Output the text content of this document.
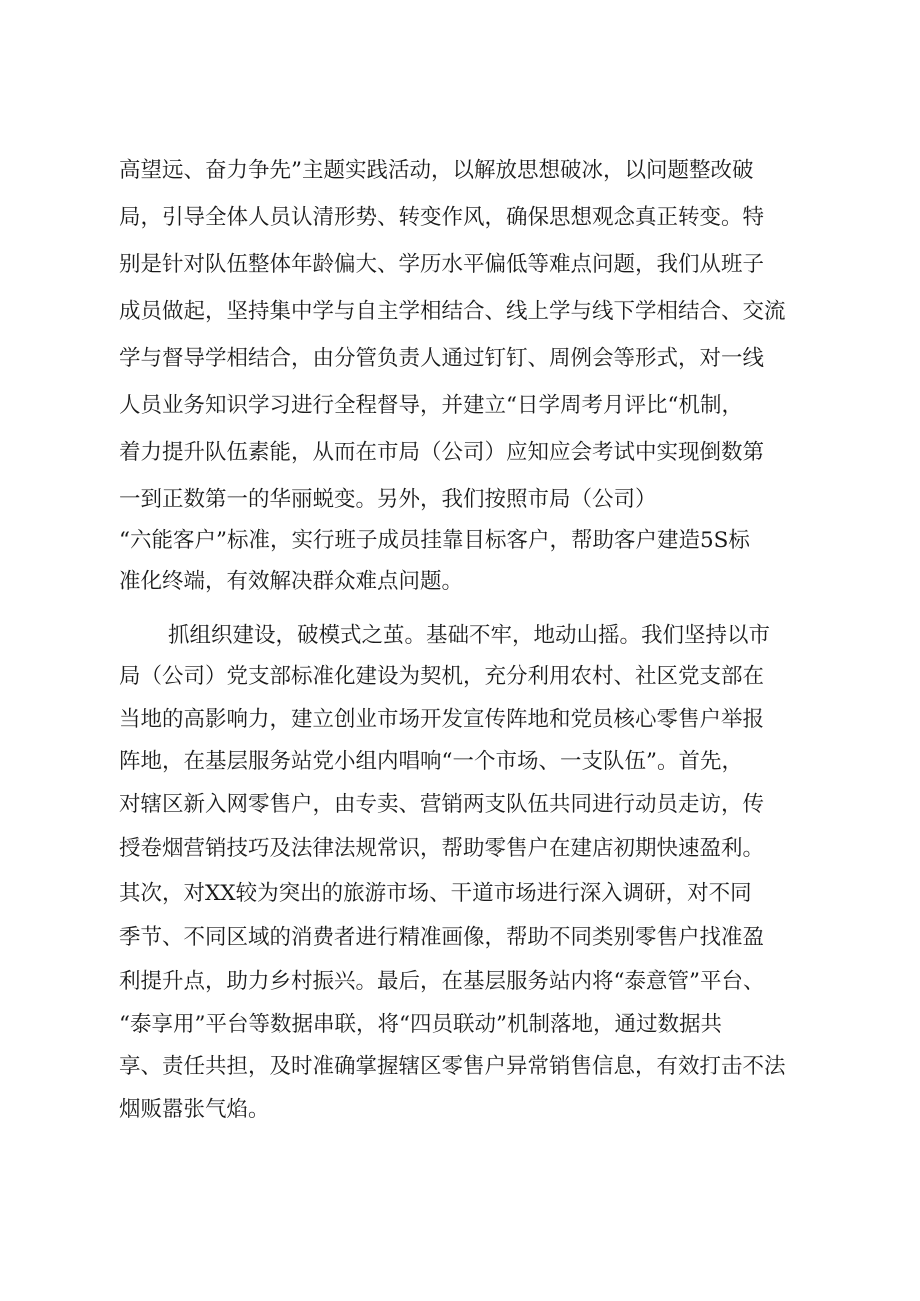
高望远、奋力争先”主题实践活动，以解放思想破冰，以问题整改破
局，引导全体人员认清形势、转变作风，确保思想观念真正转变。特
别是针对队伍整体年龄偏大、学历水平偏低等难点问题，我们从班子
成员做起，坚持集中学与自主学相结合、线上学与线下学相结合、交流
学与督导学相结合，由分管负责人通过钉钉、周例会等形式，对一线
人员业务知识学习进行全程督导，并建立“日学周考月评比“机制，
着力提升队伍素能，从而在市局（公司）应知应会考试中实现倒数第
一到正数第一的华丽蜕变。另外，我们按照市局（公司）
“六能客户”标准，实行班子成员挂靠目标客户，帮助客户建造5S标
准化终端，有效解决群众难点问题。
抓组织建设，破模式之茧。基础不牢，地动山摇。我们坚持以市
局（公司）党支部标准化建设为契机，充分利用农村、社区党支部在
当地的高影响力，建立创业市场开发宣传阵地和党员核心零售户举报
阵地，在基层服务站党小组内唱响“一个市场、一支队伍”。首先，
对辖区新入网零售户，由专卖、营销两支队伍共同进行动员走访，传
授卷烟营销技巧及法律法规常识，帮助零售户在建店初期快速盈利。
其次，对XX较为突出的旅游市场、干道市场进行深入调研，对不同
季节、不同区域的消费者进行精准画像，帮助不同类别零售户找准盈
利提升点，助力乡村振兴。最后，在基层服务站内将“泰意管”平台、
“泰享用”平台等数据串联，将“四员联动”机制落地，通过数据共
享、责任共担，及时准确掌握辖区零售户异常销售信息，有效打击不法
烟贩嚣张气焰。
